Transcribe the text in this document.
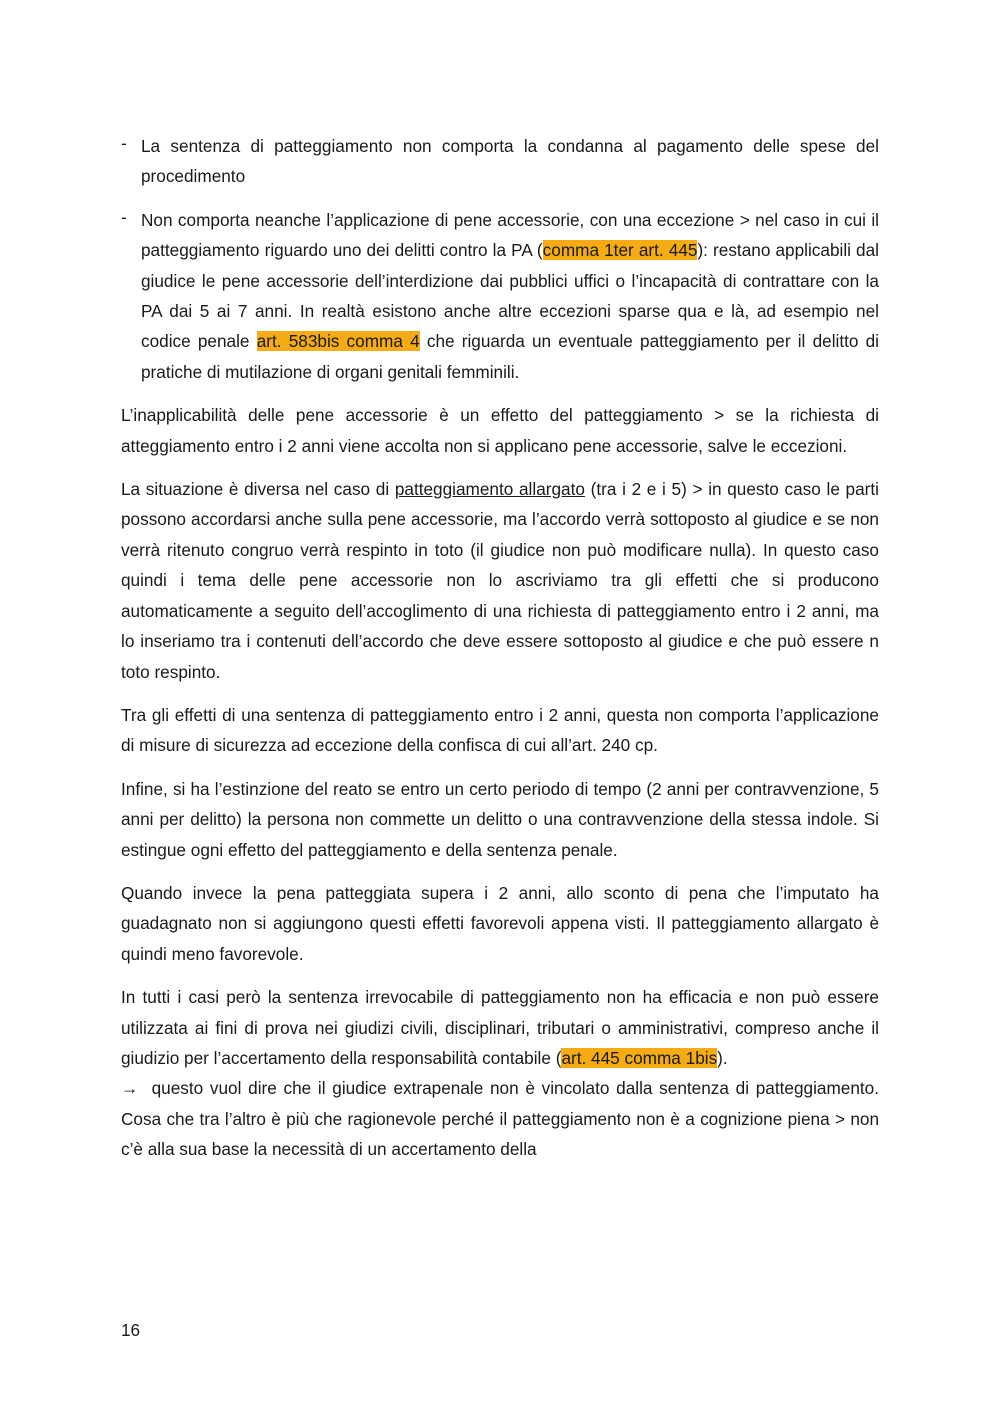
- La sentenza di patteggiamento non comporta la condanna al pagamento delle spese del procedimento
- Non comporta neanche l’applicazione di pene accessorie, con una eccezione > nel caso in cui il patteggiamento riguardo uno dei delitti contro la PA (comma 1ter art. 445): restano applicabili dal giudice le pene accessorie dell’interdizione dai pubblici uffici o l’incapacità di contrattare con la PA dai 5 ai 7 anni. In realtà esistono anche altre eccezioni sparse qua e là, ad esempio nel codice penale art. 583bis comma 4 che riguarda un eventuale patteggiamento per il delitto di pratiche di mutilazione di organi genitali femminili.

L’inapplicabilità delle pene accessorie è un effetto del patteggiamento > se la richiesta di atteggiamento entro i 2 anni viene accolta non si applicano pene accessorie, salve le eccezioni.

La situazione è diversa nel caso di patteggiamento allargato (tra i 2 e i 5) > in questo caso le parti possono accordarsi anche sulla pene accessorie, ma l’accordo verrà sottoposto al giudice e se non verrà ritenuto congruo verrà respinto in toto (il giudice non può modificare nulla). In questo caso quindi i tema delle pene accessorie non lo ascriviamo tra gli effetti che si producono automaticamente a seguito dell’accoglimento di una richiesta di patteggiamento entro i 2 anni, ma lo inseriamo tra i contenuti dell’accordo che deve essere sottoposto al giudice e che può essere n toto respinto.

Tra gli effetti di una sentenza di patteggiamento entro i 2 anni, questa non comporta l’applicazione di misure di sicurezza ad eccezione della confisca di cui all’art. 240 cp.

Infine, si ha l’estinzione del reato se entro un certo periodo di tempo (2 anni per contravvenzione, 5 anni per delitto) la persona non commette un delitto o una contravvenzione della stessa indole. Si estingue ogni effetto del patteggiamento e della sentenza penale.

Quando invece la pena patteggiata supera i 2 anni, allo sconto di pena che l’imputato ha guadagnato non si aggiungono questi effetti favorevoli appena visti. Il patteggiamento allargato è quindi meno favorevole.

In tutti i casi però la sentenza irrevocabile di patteggiamento non ha efficacia e non può essere utilizzata ai fini di prova nei giudizi civili, disciplinari, tributari o amministrativi, compreso anche il giudizio per l’accertamento della responsabilità contabile (art. 445 comma 1bis).
→  questo vuol dire che il giudice extrapenale non è vincolato dalla sentenza di patteggiamento. Cosa che tra l’altro è più che ragionevole perché il patteggiamento non è a cognizione piena > non c’è alla sua base la necessità di un accertamento della

16
